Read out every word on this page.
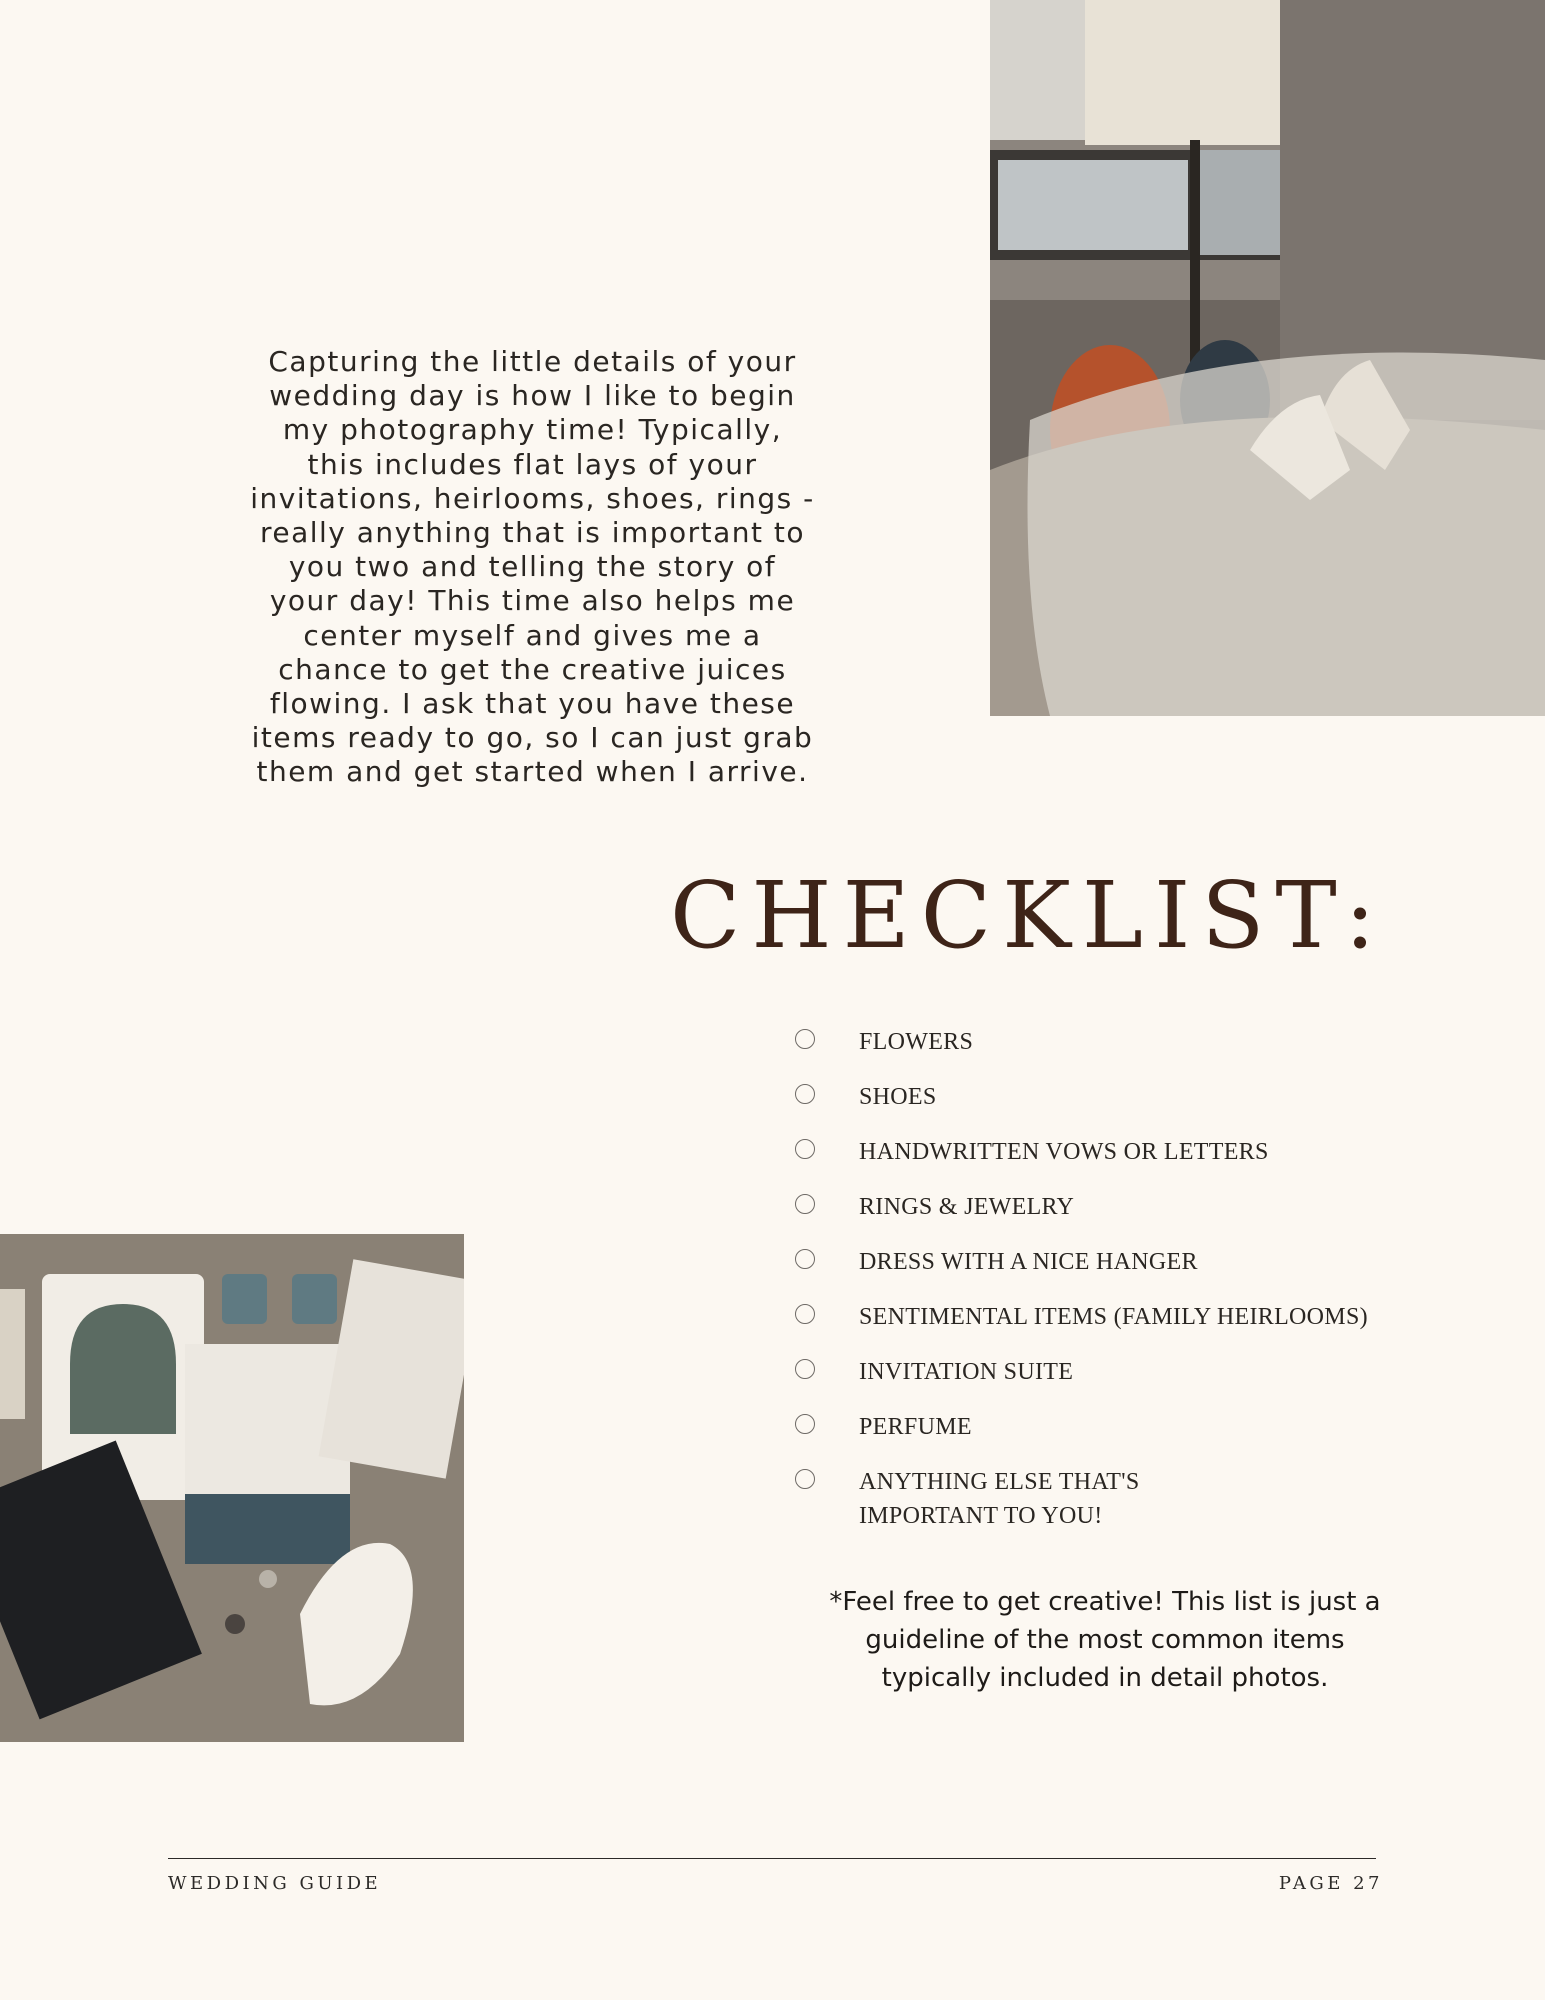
Capturing the little details of your wedding day is how I like to begin my photography time! Typically, this includes flat lays of your invitations, heirlooms, shoes, rings - really anything that is important to you two and telling the story of your day! This time also helps me center myself and gives me a chance to get the creative juices flowing. I ask that you have these items ready to go, so I can just grab them and get started when I arrive.

CHECKLIST:
FLOWERS
SHOES
HANDWRITTEN VOWS OR LETTERS
RINGS & JEWELRY
DRESS WITH A NICE HANGER
SENTIMENTAL ITEMS (FAMILY HEIRLOOMS)
INVITATION SUITE
PERFUME
ANYTHING ELSE THAT'S
IMPORTANT TO YOU!

*Feel free to get creative! This list is just a guideline of the most common items typically included in detail photos.

WEDDING GUIDE	PAGE 27
